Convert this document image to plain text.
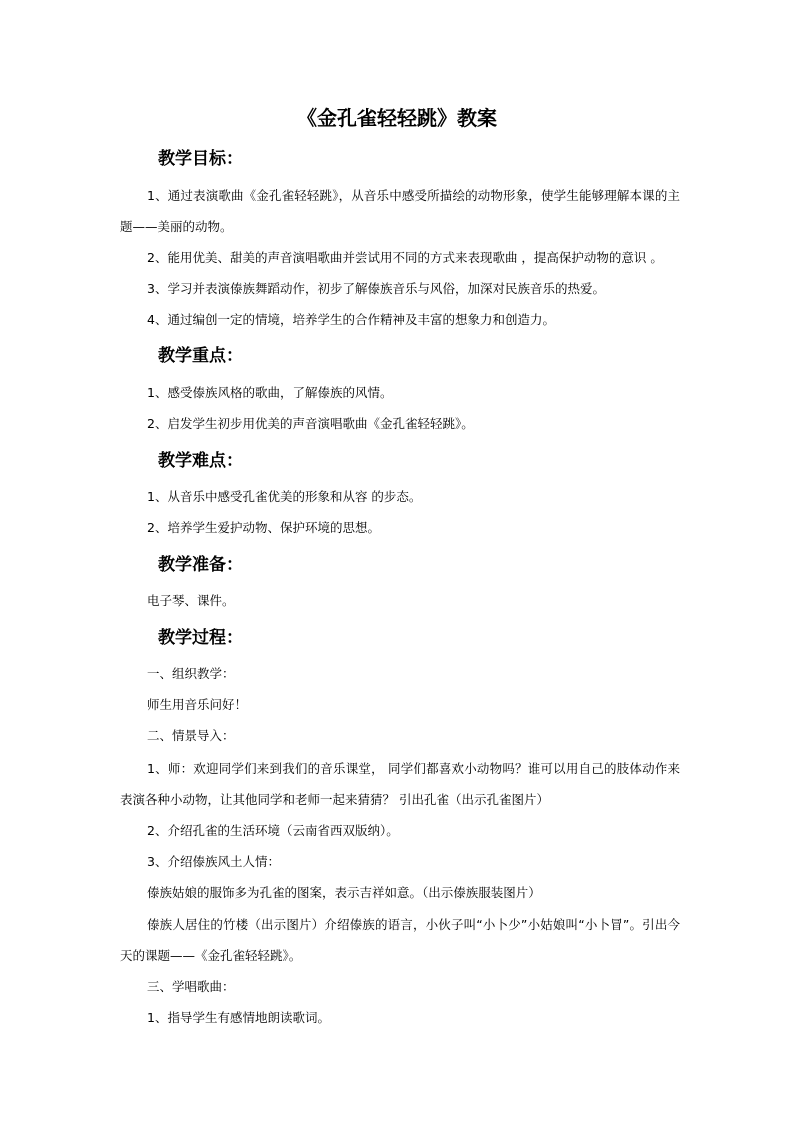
《金孔雀轻轻跳》教案
教学目标：
1、通过表演歌曲《金孔雀轻轻跳》，从音乐中感受所描绘的动物形象，使学生能够理解本课的主题——美丽的动物。
2、能用优美、甜美的声音演唱歌曲并尝试用不同的方式来表现歌曲 ，提高保护动物的意识 。
3、学习并表演傣族舞蹈动作，初步了解傣族音乐与风俗，加深对民族音乐的热爱。
4、通过编创一定的情境，培养学生的合作精神及丰富的想象力和创造力。
教学重点：
1、感受傣族风格的歌曲，了解傣族的风情。
2、启发学生初步用优美的声音演唱歌曲《金孔雀轻轻跳》。
教学难点：
1、从音乐中感受孔雀优美的形象和从容 的步态。
2、培养学生爱护动物、保护环境的思想。
教学准备：
电子琴、课件。
教学过程：
一、组织教学：
师生用音乐问好！
二、情景导入：
1、师：欢迎同学们来到我们的音乐课堂， 同学们都喜欢小动物吗？谁可以用自己的肢体动作来表演各种小动物，让其他同学和老师一起来猜猜？ 引出孔雀（出示孔雀图片）
2、介绍孔雀的生活环境（云南省西双版纳）。
3、介绍傣族风土人情：
傣族姑娘的服饰多为孔雀的图案，表示吉祥如意。（出示傣族服装图片）
傣族人居住的竹楼（出示图片）介绍傣族的语言，小伙子叫“小卜少”小姑娘叫“小卜冒”。引出今天的课题——《金孔雀轻轻跳》。
三、学唱歌曲：
1、指导学生有感情地朗读歌词。
